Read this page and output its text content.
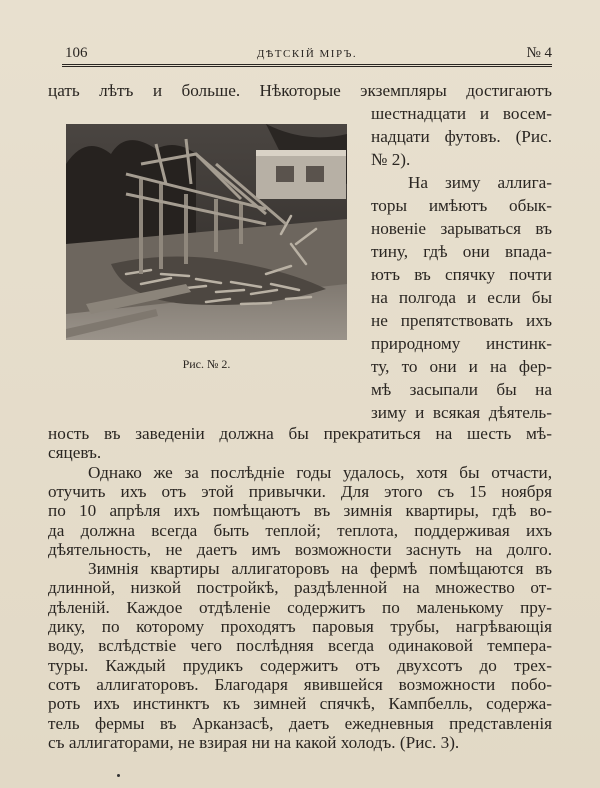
106	ДѢТСКІЙ МІРЪ.	№ 4
цать лѣтъ и больше. Нѣкоторые экземпляры достигаютъ
Рис. № 2.
шестнадцати и восем-
надцати футовъ. (Рис.
№ 2).
На зиму аллига-
торы имѣютъ обык-
новеніе зарываться въ
тину, гдѣ они впада-
ютъ въ спячку почти
на полгода и если бы
не препятствовать ихъ
природному инстинк-
ту, то они и на фер-
мѣ засыпали бы на
зиму и всякая дѣятель-
ность въ заведеніи должна бы прекратиться на шесть мѣ-
сяцевъ.
Однако же за послѣдніе годы удалось, хотя бы отчасти,
отучить ихъ отъ этой привычки. Для этого съ 15 ноября
по 10 апрѣля ихъ помѣщаютъ въ зимнія квартиры, гдѣ во-
да должна всегда быть теплой; теплота, поддерживая ихъ
дѣятельность, не даетъ имъ возможности заснуть на долго.
Зимнія квартиры аллигаторовъ на фермѣ помѣщаются въ
длинной, низкой постройкѣ, раздѣленной на множество от-
дѣленій. Каждое отдѣленіе содержитъ по маленькому пру-
дику, по которому проходятъ паровыя трубы, нагрѣвающія
воду, вслѣдствіе чего послѣдняя всегда одинаковой темпера-
туры. Каждый прудикъ содержитъ отъ двухсотъ до трех-
сотъ аллигаторовъ. Благодаря явившейся возможности побо-
роть ихъ инстинктъ къ зимней спячкѣ, Кампбелль, содержа-
тель фермы въ Арканзасѣ, даетъ ежедневныя представленія
съ аллигаторами, не взирая ни на какой холодъ. (Рис. 3).
